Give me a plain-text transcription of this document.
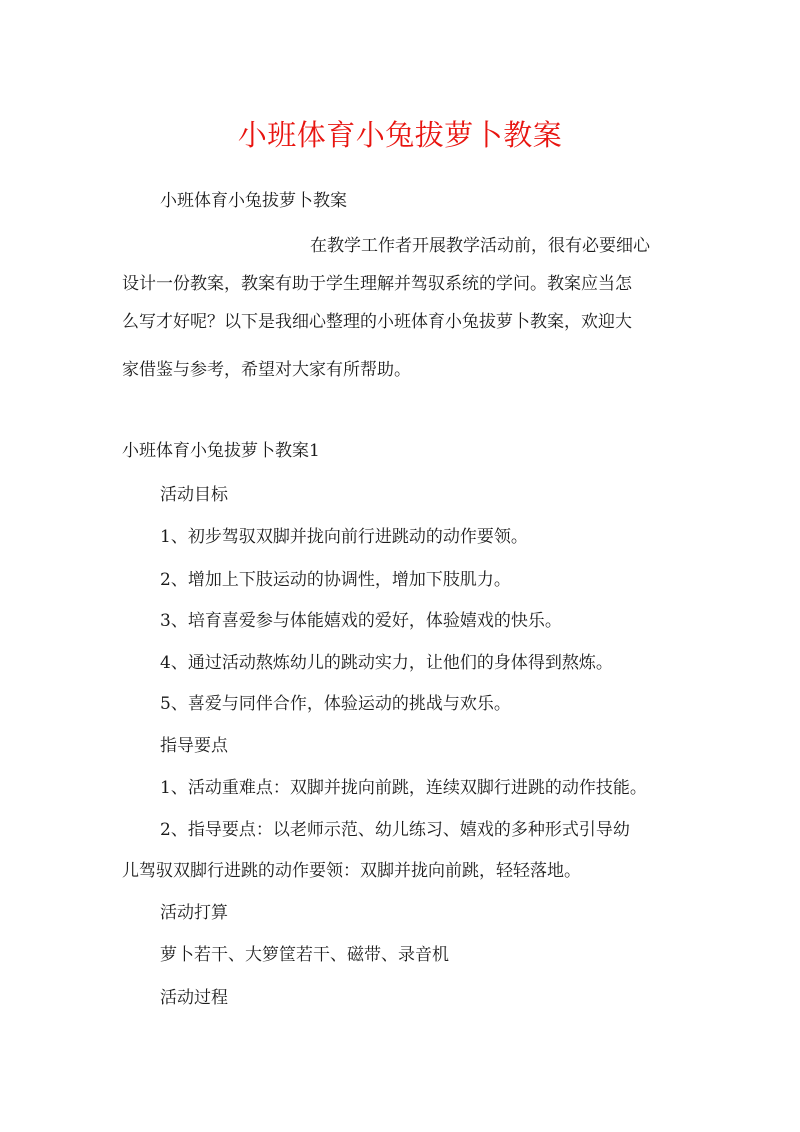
小班体育小兔拔萝卜教案
小班体育小兔拔萝卜教案
在教学工作者开展教学活动前，很有必要细心
设计一份教案，教案有助于学生理解并驾驭系统的学问。教案应当怎
么写才好呢？以下是我细心整理的小班体育小兔拔萝卜教案，欢迎大
家借鉴与参考，希望对大家有所帮助。
小班体育小兔拔萝卜教案1
活动目标
1、初步驾驭双脚并拢向前行进跳动的动作要领。
2、增加上下肢运动的协调性，增加下肢肌力。
3、培育喜爱参与体能嬉戏的爱好，体验嬉戏的快乐。
4、通过活动熬炼幼儿的跳动实力，让他们的身体得到熬炼。
5、喜爱与同伴合作，体验运动的挑战与欢乐。
指导要点
1、活动重难点：双脚并拢向前跳，连续双脚行进跳的动作技能。
2、指导要点：以老师示范、幼儿练习、嬉戏的多种形式引导幼
儿驾驭双脚行进跳的动作要领：双脚并拢向前跳，轻轻落地。
活动打算
萝卜若干、大箩筐若干、磁带、录音机
活动过程
